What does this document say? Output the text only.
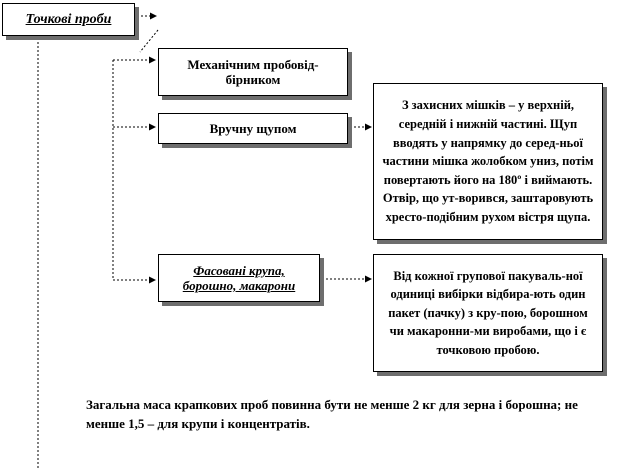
Точкові проби
Механічним пробовід-бірником
Вручну щупом
Фасовані крупа,
борошно, макарони
З захисних мішків – у верхній, середній і нижній частині. Щуп вводять у напрямку до серед-ньої частини мішка жолобком униз, потім повертають його на 180º і виймають. Отвір, що ут-ворився, заштаровують хресто-подібним рухом вістря щупа.
Від кожної групової пакуваль-ної одиниці вибірки відбира-ють один пакет (пачку) з кру-пою, борошном чи макаронни-ми виробами, що і є точковою пробою.
Загальна маса крапкових проб повинна бути не менше 2 кг для зерна і борошна; не менше 1,5 – для крупи і концентратів.
